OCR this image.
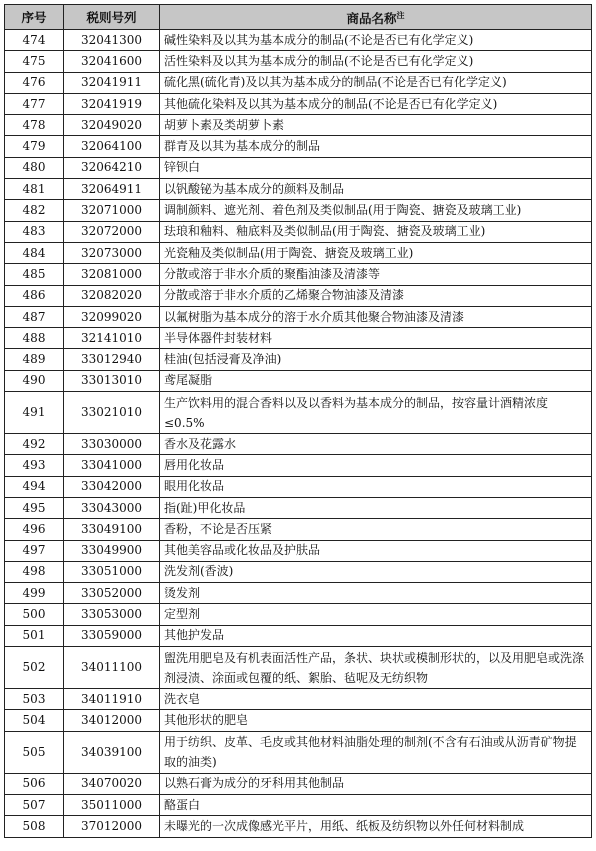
序号	税则号列	商品名称$^注$
474	32041300	碱性染料及以其为基本成分的制品(不论是否已有化学定义)
475	32041600	活性染料及以其为基本成分的制品(不论是否已有化学定义)
476	32041911	硫化黑(硫化青)及以其为基本成分的制品(不论是否已有化学定义)
477	32041919	其他硫化染料及以其为基本成分的制品(不论是否已有化学定义)
478	32049020	胡萝卜素及类胡萝卜素
479	32064100	群青及以其为基本成分的制品
480	32064210	锌钡白
481	32064911	以钒酸铋为基本成分的颜料及制品
482	32071000	调制颜料、遮光剂、着色剂及类似制品(用于陶瓷、搪瓷及玻璃工业)
483	32072000	珐琅和釉料、釉底料及类似制品(用于陶瓷、搪瓷及玻璃工业)
484	32073000	光瓷釉及类似制品(用于陶瓷、搪瓷及玻璃工业)
485	32081000	分散或溶于非水介质的聚酯油漆及清漆等
486	32082020	分散或溶于非水介质的乙烯聚合物油漆及清漆
487	32099020	以氟树脂为基本成分的溶于水介质其他聚合物油漆及清漆
488	32141010	半导体器件封装材料
489	33012940	桂油(包括浸膏及净油)
490	33013010	鸢尾凝脂
491	33021010	生产饮料用的混合香料以及以香料为基本成分的制品，按容量计酒精浓度≤0.5%
492	33030000	香水及花露水
493	33041000	唇用化妆品
494	33042000	眼用化妆品
495	33043000	指(趾)甲化妆品
496	33049100	香粉，不论是否压紧
497	33049900	其他美容品或化妆品及护肤品
498	33051000	洗发剂(香波)
499	33052000	烫发剂
500	33053000	定型剂
501	33059000	其他护发品
502	34011100	盥洗用肥皂及有机表面活性产品，条状、块状或模制形状的，以及用肥皂或洗涤剂浸渍、涂面或包覆的纸、絮胎、毡呢及无纺织物
503	34011910	洗衣皂
504	34012000	其他形状的肥皂
505	34039100	用于纺织、皮革、毛皮或其他材料油脂处理的制剂(不含有石油或从沥青矿物提取的油类)
506	34070020	以熟石膏为成分的牙科用其他制品
507	35011000	酪蛋白
508	37012000	未曝光的一次成像感光平片，用纸、纸板及纺织物以外任何材料制成
